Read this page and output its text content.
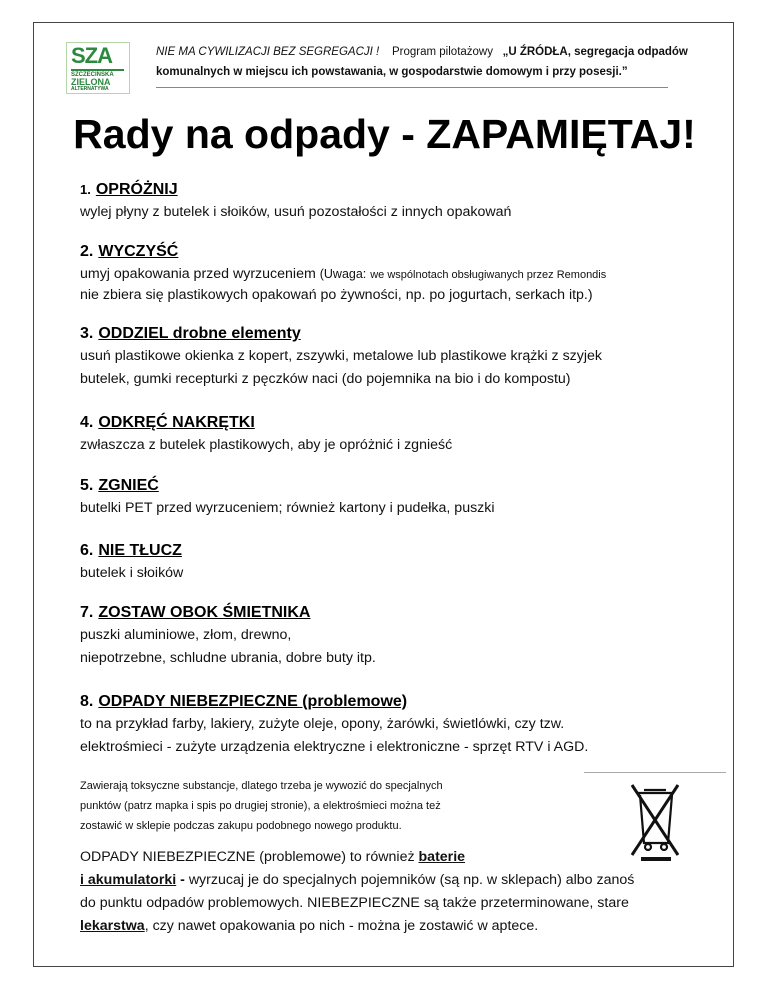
SZA
SZCZECIŃSKA
ZIELONA
ALTERNATYWA
NIE MA CYWILIZACJI BEZ SEGREGACJI ! Program pilotażowy „U ŹRÓDŁA, segregacja odpadów komunalnych w miejscu ich powstawania, w gospodarstwie domowym i przy posesji.”
Rady na odpady - ZAPAMIĘTAJ!
1. OPRÓŻNIJ

wylej płyny z butelek i słoików, usuń pozostałości z innych opakowań

2. WYCZYŚĆ

umyj opakowania przed wyrzuceniem (Uwaga: we wspólnotach obsługiwanych przez Remondis

nie zbiera się plastikowych opakowań po żywności, np. po jogurtach, serkach itp.)

3. ODDZIEL drobne elementy

usuń plastikowe okienka z kopert, zszywki, metalowe lub plastikowe krążki z szyjek

butelek, gumki recepturki z pęczków naci (do pojemnika na bio i do kompostu)

4. ODKRĘĆ NAKRĘTKI

zwłaszcza z butelek plastikowych, aby je opróżnić i zgnieść

5. ZGNIEĆ

butelki PET przed wyrzuceniem; również kartony i pudełka, puszki

6. NIE TŁUCZ

butelek i słoików

7. ZOSTAW OBOK ŚMIETNIKA

puszki aluminiowe, złom, drewno,

niepotrzebne, schludne ubrania, dobre buty itp.

8. ODPADY NIEBEZPIECZNE (problemowe)

to na przykład farby, lakiery, zużyte oleje, opony, żarówki, świetlówki, czy tzw.

elektrośmieci - zużyte urządzenia elektryczne i elektroniczne - sprzęt RTV i AGD.

Zawierają toksyczne substancje, dlatego trzeba je wywozić do specjalnych
punktów (patrz mapka i spis po drugiej stronie), a elektrośmieci można też
zostawić w sklepie podczas zakupu podobnego nowego produktu.
ODPADY NIEBEZPIECZNE (problemowe) to również baterie
i akumulatorki - wyrzucaj je do specjalnych pojemników (są np. w sklepach) albo zanoś
do punktu odpadów problemowych. NIEBEZPIECZNE są także przeterminowane, stare
lekarstwa, czy nawet opakowania po nich - można je zostawić w aptece.
